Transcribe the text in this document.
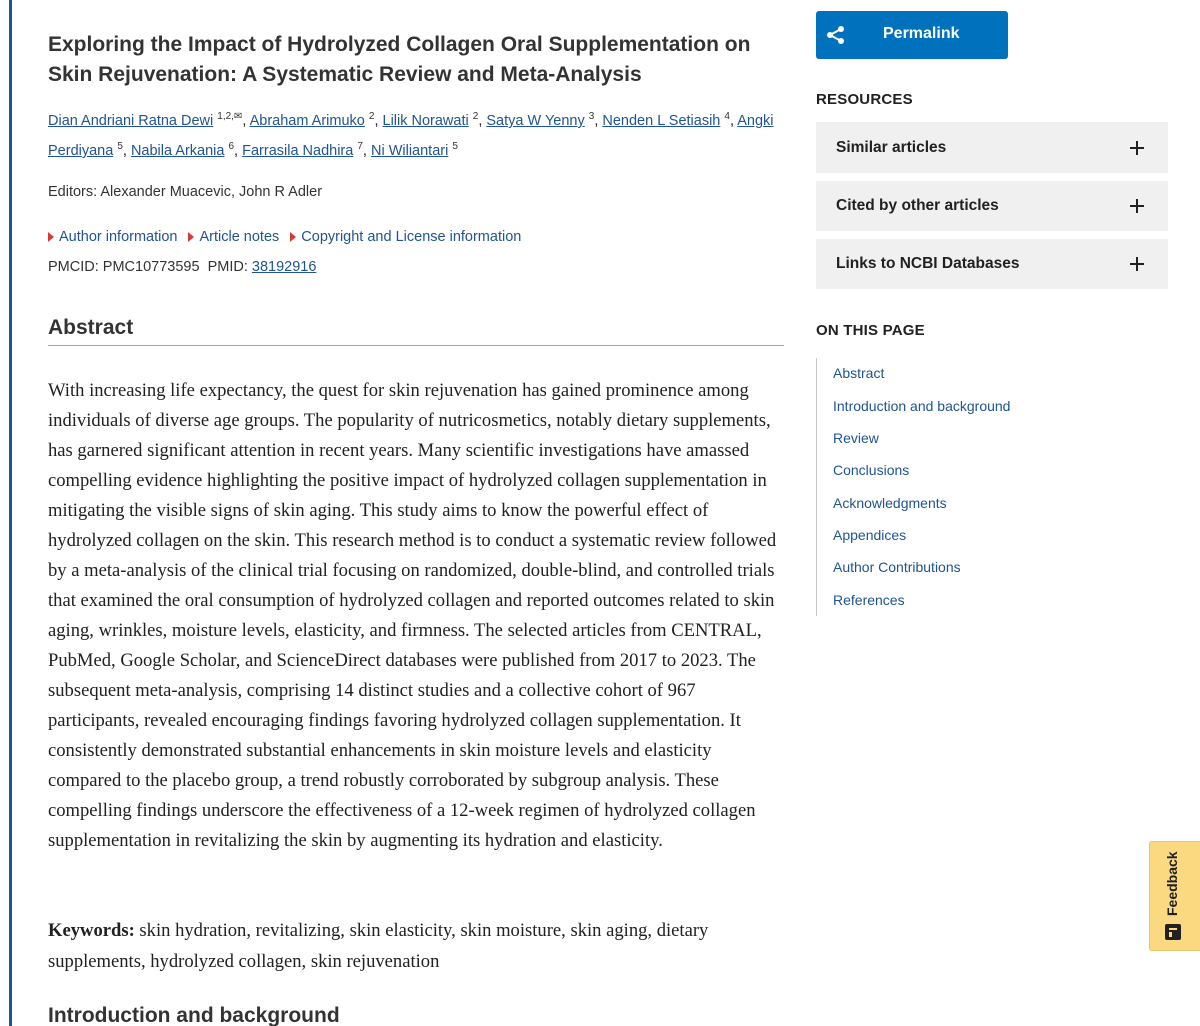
Exploring the Impact of Hydrolyzed Collagen Oral Supplementation on Skin Rejuvenation: A Systematic Review and Meta-Analysis
Dian Andriani Ratna Dewi $^{1,2,✉}$, Abraham Arimuko $^2$, Lilik Norawati $^2$, Satya W Yenny $^3$, Nenden L Setiasih $^4$, Angki Perdiyana $^5$, Nabila Arkania $^6$, Farrasila Nadhira $^7$, Ni Wiliantari $^5$
Editors: Alexander Muacevic, John R Adler
Author information Article notes Copyright and License information
PMCID: PMC10773595 PMID: 38192916
Abstract

With increasing life expectancy, the quest for skin rejuvenation has gained prominence among individuals of diverse age groups. The popularity of nutricosmetics, notably dietary supplements, has garnered significant attention in recent years. Many scientific investigations have amassed compelling evidence highlighting the positive impact of hydrolyzed collagen supplementation in mitigating the visible signs of skin aging. This study aims to know the powerful effect of hydrolyzed collagen on the skin. This research method is to conduct a systematic review followed by a meta-analysis of the clinical trial focusing on randomized, double-blind, and controlled trials that examined the oral consumption of hydrolyzed collagen and reported outcomes related to skin aging, wrinkles, moisture levels, elasticity, and firmness. The selected articles from CENTRAL, PubMed, Google Scholar, and ScienceDirect databases were published from 2017 to 2023. The subsequent meta-analysis, comprising 14 distinct studies and a collective cohort of 967 participants, revealed encouraging findings favoring hydrolyzed collagen supplementation. It consistently demonstrated substantial enhancements in skin moisture levels and elasticity compared to the placebo group, a trend robustly corroborated by subgroup analysis. These compelling findings underscore the effectiveness of a 12-week regimen of hydrolyzed collagen supplementation in revitalizing the skin by augmenting its hydration and elasticity.

Keywords: skin hydration, revitalizing, skin elasticity, skin moisture, skin aging, dietary supplements, hydrolyzed collagen, skin rejuvenation

Introduction and background
Permalink
RESOURCES
Similar articles
Cited by other articles
Links to NCBI Databases
ON THIS PAGE
Abstract
Introduction and background
Review
Conclusions
Acknowledgments
Appendices
Author Contributions
References
Feedback
